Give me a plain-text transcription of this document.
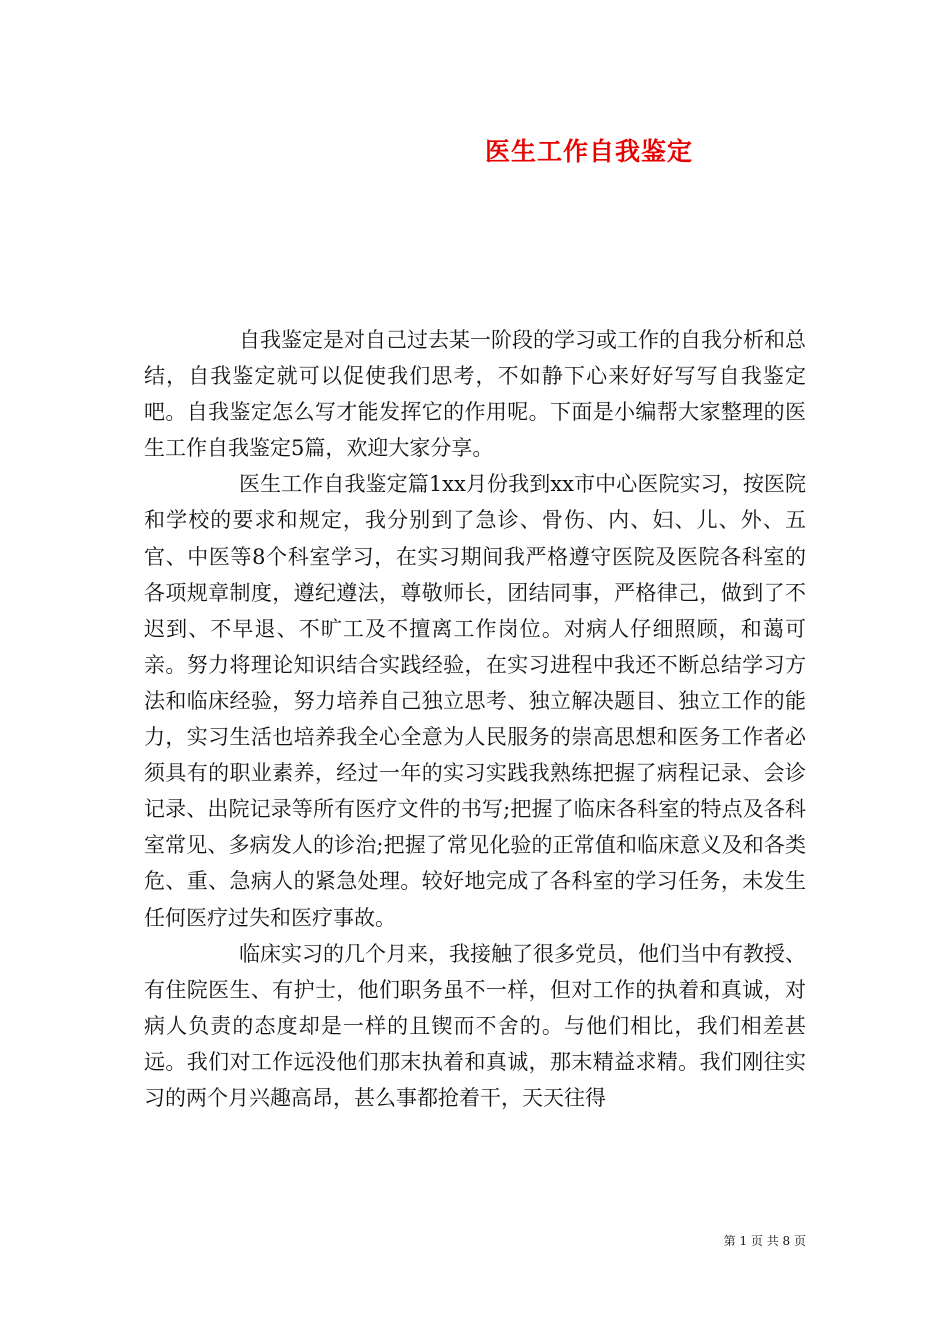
医生工作自我鉴定

自我鉴定是对自己过去某一阶段的学习或工作的自我分析和总结，自我鉴定就可以促使我们思考，不如静下心来好好写写自我鉴定吧。自我鉴定怎么写才能发挥它的作用呢。下面是小编帮大家整理的医生工作自我鉴定5篇，欢迎大家分享。

医生工作自我鉴定篇1xx月份我到xx市中心医院实习，按医院和学校的要求和规定，我分别到了急诊、骨伤、内、妇、儿、外、五官、中医等8个科室学习，在实习期间我严格遵守医院及医院各科室的各项规章制度，遵纪遵法，尊敬师长，团结同事，严格律己，做到了不迟到、不早退、不旷工及不擅离工作岗位。对病人仔细照顾，和蔼可亲。努力将理论知识结合实践经验，在实习进程中我还不断总结学习方法和临床经验，努力培养自己独立思考、独立解决题目、独立工作的能力，实习生活也培养我全心全意为人民服务的崇高思想和医务工作者必须具有的职业素养，经过一年的实习实践我熟练把握了病程记录、会诊记录、出院记录等所有医疗文件的书写;把握了临床各科室的特点及各科室常见、多病发人的诊治;把握了常见化验的正常值和临床意义及和各类危、重、急病人的紧急处理。较好地完成了各科室的学习任务，未发生任何医疗过失和医疗事故。

临床实习的几个月来，我接触了很多党员，他们当中有教授、有住院医生、有护士，他们职务虽不一样，但对工作的执着和真诚，对病人负责的态度却是一样的且锲而不舍的。与他们相比，我们相差甚远。我们对工作远没他们那末执着和真诚，那末精益求精。我们刚往实习的两个月兴趣高昂，甚么事都抢着干，天天往得

第 1 页 共 8 页
